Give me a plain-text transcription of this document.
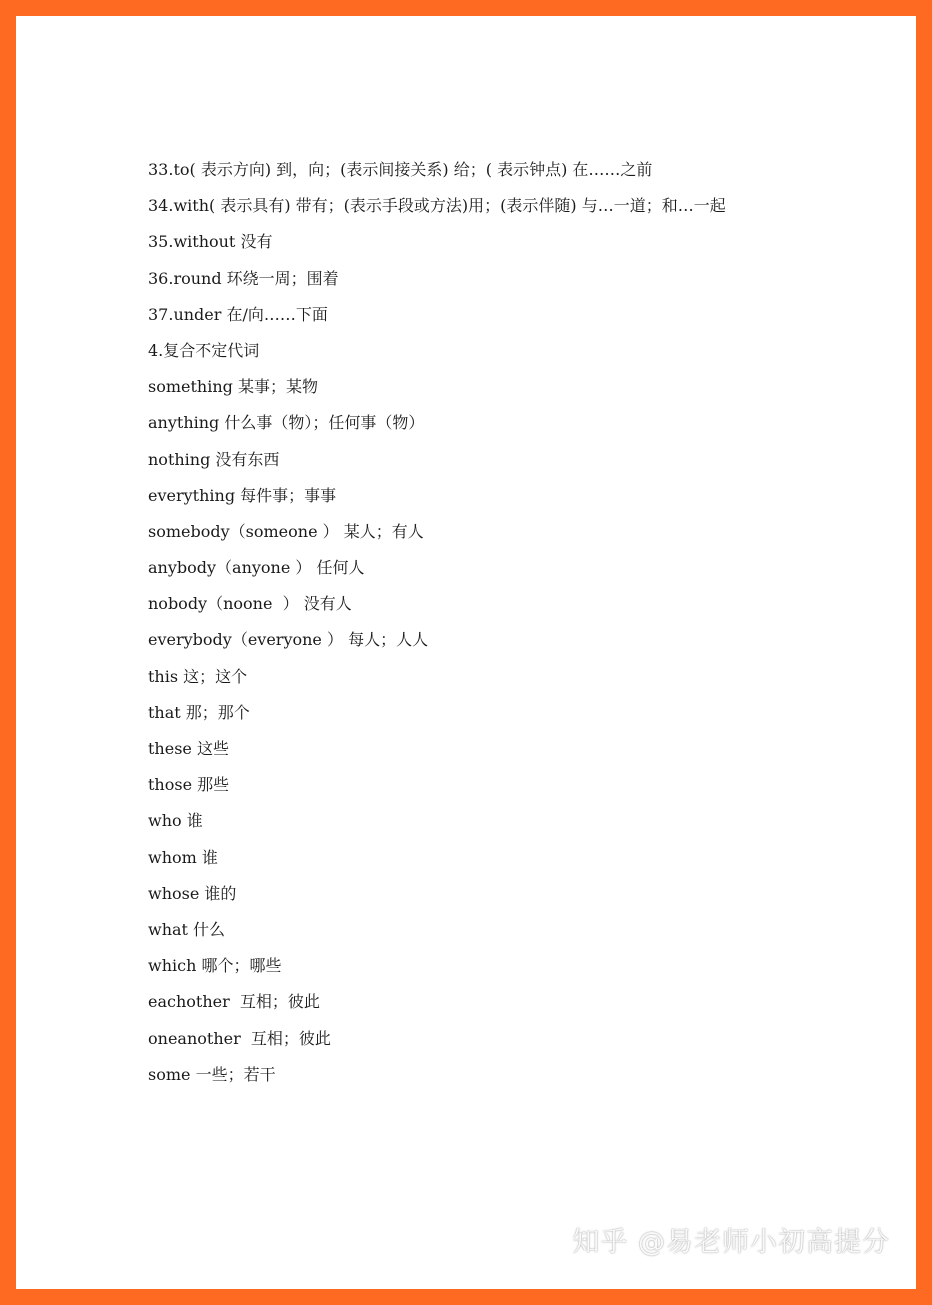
33.to( 表示方向) 到，向；(表示间接关系) 给；( 表示钟点) 在……之前
34.with( 表示具有) 带有；(表示手段或方法)用；(表示伴随) 与…一道；和…一起
35.without 没有
36.round 环绕一周；围着
37.under 在/向……下面
4.复合不定代词
something 某事；某物
anything 什么事（物）；任何事（物）
nothing 没有东西
everything 每件事；事事
somebody（someone ） 某人；有人
anybody（anyone ） 任何人
nobody（noone  ） 没有人
everybody（everyone ） 每人；人人
this 这；这个
that 那；那个
these 这些
those 那些
who 谁
whom 谁
whose 谁的
what 什么
which 哪个；哪些
eachother  互相；彼此
oneanother  互相；彼此
some 一些；若干
知乎 @易老师小初高提分
